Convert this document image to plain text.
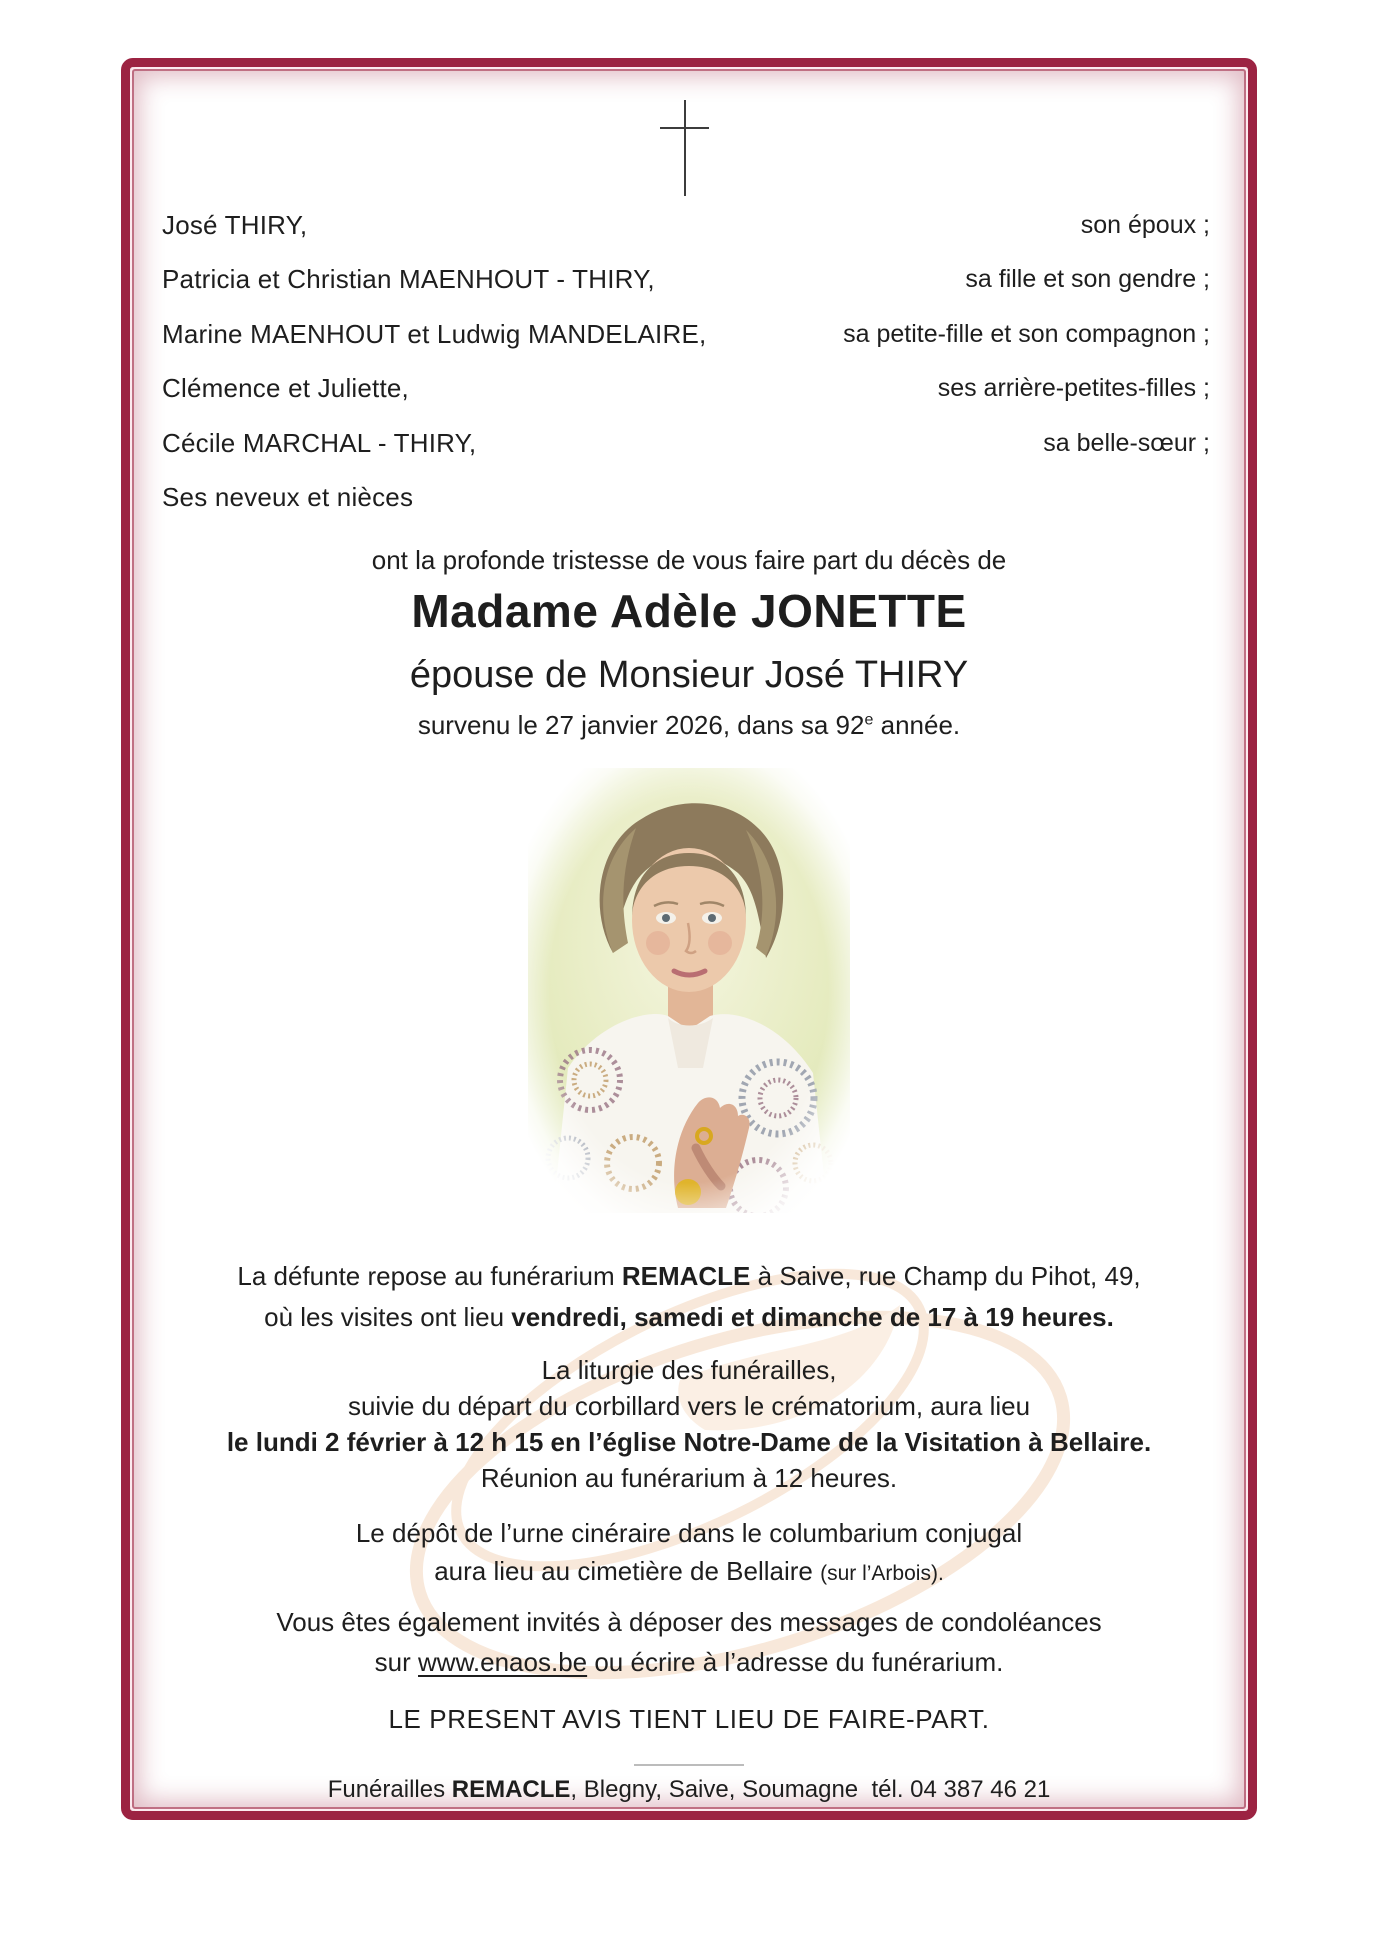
José THIRY,	son époux ;
Patricia et Christian MAENHOUT - THIRY,	sa fille et son gendre ;
Marine MAENHOUT et Ludwig MANDELAIRE,	sa petite-fille et son compagnon ;
Clémence et Juliette,	ses arrière-petites-filles ;
Cécile MARCHAL - THIRY,	sa belle-sœur ;
Ses neveux et nièces
ont la profonde tristesse de vous faire part du décès de
Madame Adèle JONETTE
épouse de Monsieur José THIRY
survenu le 27 janvier 2026, dans sa 92e année.
La défunte repose au funérarium REMACLE à Saive, rue Champ du Pihot, 49,
où les visites ont lieu vendredi, samedi et dimanche de 17 à 19 heures.
La liturgie des funérailles,
suivie du départ du corbillard vers le crématorium, aura lieu
le lundi 2 février à 12 h 15 en l’église Notre-Dame de la Visitation à Bellaire.
Réunion au funérarium à 12 heures.
Le dépôt de l’urne cinéraire dans le columbarium conjugal
aura lieu au cimetière de Bellaire (sur l’Arbois).
Vous êtes également invités à déposer des messages de condoléances
sur www.enaos.be ou écrire à l’adresse du funérarium.
LE PRESENT AVIS TIENT LIEU DE FAIRE-PART.
Funérailles REMACLE, Blegny, Saive, Soumagne  tél. 04 387 46 21
